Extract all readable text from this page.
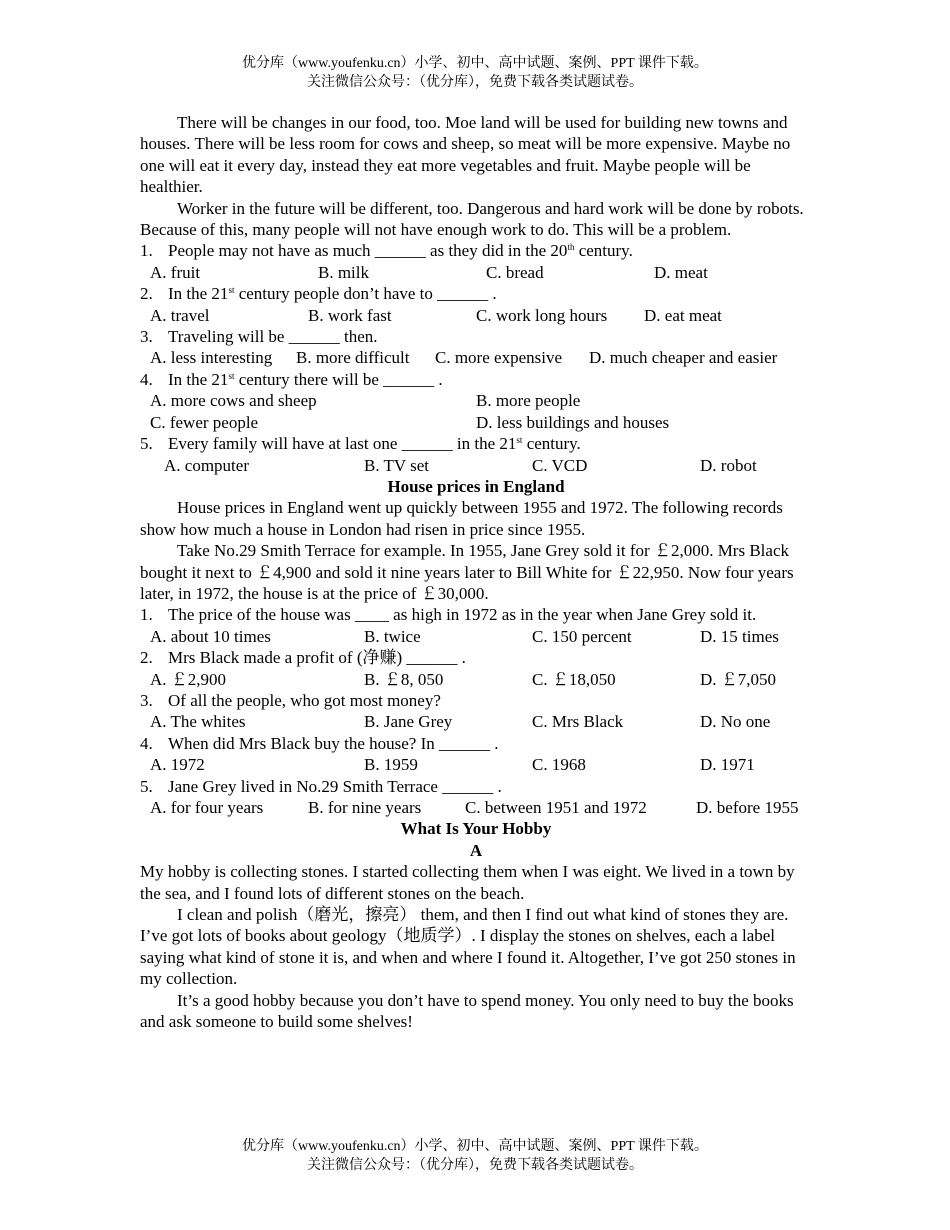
优分库（www.youfenku.cn）小学、初中、高中试题、案例、PPT 课件下载。
关注微信公众号：（优分库），免费下载各类试题试卷。

There will be changes in our food, too. Moe land will be used for building new towns and houses. There will be less room for cows and sheep, so meat will be more expensive. Maybe no one will eat it every day, instead they eat more vegetables and fruit. Maybe people will be healthier.

Worker in the future will be different, too. Dangerous and hard work will be done by robots. Because of this, many people will not have enough work to do. This will be a problem.

1. People may not have as much ______ as they did in the 20th century.

A. fruit	B. milk	C. bread	D. meat

2. In the 21st century people don’t have to ______ .

A. travel	B. work fast	C. work long hours	D. eat meat

3. Traveling will be ______ then.

A. less interesting	B. more difficult	C. more expensive	D. much cheaper and easier

4. In the 21st century there will be ______ .

A. more cows and sheep	B. more people
C. fewer people	D. less buildings and houses

5. Every family will have at last one ______ in the 21st century.

A. computer	B. TV set	C. VCD	D. robot

House prices in England

House prices in England went up quickly between 1955 and 1972. The following records show how much a house in London had risen in price since 1955.

Take No.29 Smith Terrace for example. In 1955, Jane Grey sold it for ￡2,000. Mrs Black bought it next to ￡4,900 and sold it nine years later to Bill White for ￡22,950. Now four years later, in 1972, the house is at the price of ￡30,000.

1. The price of the house was ____ as high in 1972 as in the year when Jane Grey sold it.

A. about 10 times	B. twice	C. 150 percent	D. 15 times

2. Mrs Black made a profit of (净赚) ______ .

A. ￡2,900	B. ￡8, 050	C. ￡18,050	D. ￡7,050

3. Of all the people, who got most money?

A. The whites	B. Jane Grey	C. Mrs Black	D. No one

4. When did Mrs Black buy the house? In ______ .

A. 1972	B. 1959	C. 1968	D. 1971

5. Jane Grey lived in No.29 Smith Terrace ______ .

A. for four years	B. for nine years	C. between 1951 and 1972	D. before 1955

What Is Your Hobby

A

My hobby is collecting stones. I started collecting them when I was eight. We lived in a town by the sea, and I found lots of different stones on the beach.

I clean and polish（磨光，擦亮） them, and then I find out what kind of stones they are. I’ve got lots of books about geology（地质学）. I display the stones on shelves, each a label saying what kind of stone it is, and when and where I found it. Altogether, I’ve got 250 stones in my collection.

It’s a good hobby because you don’t have to spend money. You only need to buy the books and ask someone to build some shelves!

优分库（www.youfenku.cn）小学、初中、高中试题、案例、PPT 课件下载。
关注微信公众号：（优分库），免费下载各类试题试卷。
